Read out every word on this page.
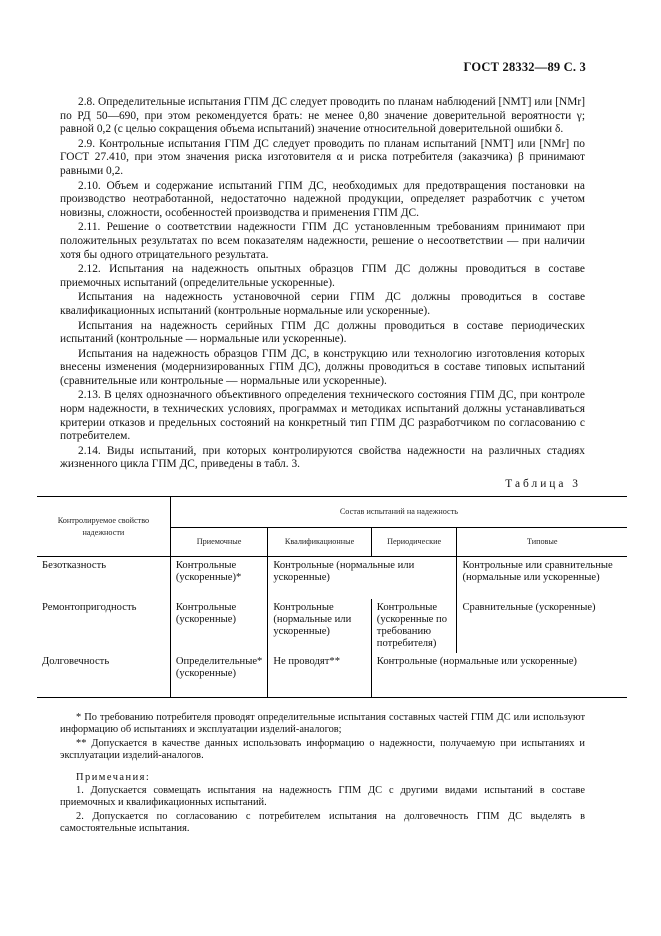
ГОСТ 28332—89 С. 3

2.8. Определительные испытания ГПМ ДС следует проводить по планам наблюдений [NМТ] или [NМr] по РД 50—690, при этом рекомендуется брать: не менее 0,80 значение доверительной вероятности γ; равной 0,2 (с целью сокращения объема испытаний) значение относительной доверительной ошибки δ.

2.9. Контрольные испытания ГПМ ДС следует проводить по планам испытаний [NМТ] или [NМr] по ГОСТ 27.410, при этом значения риска изготовителя α и риска потребителя (заказчика) β принимают равными 0,2.

2.10. Объем и содержание испытаний ГПМ ДС, необходимых для предотвращения постановки на производство неотработанной, недостаточно надежной продукции, определяет разработчик с учетом новизны, сложности, особенностей производства и применения ГПМ ДС.

2.11. Решение о соответствии надежности ГПМ ДС установленным требованиям принимают при положительных результатах по всем показателям надежности, решение о несоответствии — при наличии хотя бы одного отрицательного результата.

2.12. Испытания на надежность опытных образцов ГПМ ДС должны проводиться в составе приемочных испытаний (определительные ускоренные).

Испытания на надежность установочной серии ГПМ ДС должны проводиться в составе квалификационных испытаний (контрольные нормальные или ускоренные).

Испытания на надежность серийных ГПМ ДС должны проводиться в составе периодических испытаний (контрольные — нормальные или ускоренные).

Испытания на надежность образцов ГПМ ДС, в конструкцию или технологию изготовления которых внесены изменения (модернизированных ГПМ ДС), должны проводиться в составе типовых испытаний (сравнительные или контрольные — нормальные или ускоренные).

2.13. В целях однозначного объективного определения технического состояния ГПМ ДС, при контроле норм надежности, в технических условиях, программах и методиках испытаний должны устанавливаться критерии отказов и предельных состояний на конкретный тип ГПМ ДС разработчиком по согласованию с потребителем.

2.14. Виды испытаний, при которых контролируются свойства надежности на различных стадиях жизненного цикла ГПМ ДС, приведены в табл. 3.

Таблица 3
Контролируемое свойство надежности	Состав испытаний на надежность			
	Приемочные	Квалификационные	Периодические	Типовые
Безотказность	Контрольные (ускоренные)*	Контрольные (нормальные или ускоренные)		Контрольные или сравнительные (нормальные или ускоренные)
Ремонтопригодность	Контрольные (ускоренные)	Контрольные (нормальные или ускоренные)	Контрольные (ускоренные по требованию потребителя)	Сравнительные (ускоренные)
Долговечность	Определительные* (ускоренные)	Не проводят**	Контрольные (нормальные или ускоренные)	

* По требованию потребителя проводят определительные испытания составных частей ГПМ ДС или используют информацию об испытаниях и эксплуатации изделий-аналогов;

** Допускается в качестве данных использовать информацию о надежности, получаемую при испытаниях и эксплуатации изделий-аналогов.

Примечания:

1. Допускается совмещать испытания на надежность ГПМ ДС с другими видами испытаний в составе приемочных и квалификационных испытаний.

2. Допускается по согласованию с потребителем испытания на долговечность ГПМ ДС выделять в самостоятельные испытания.
